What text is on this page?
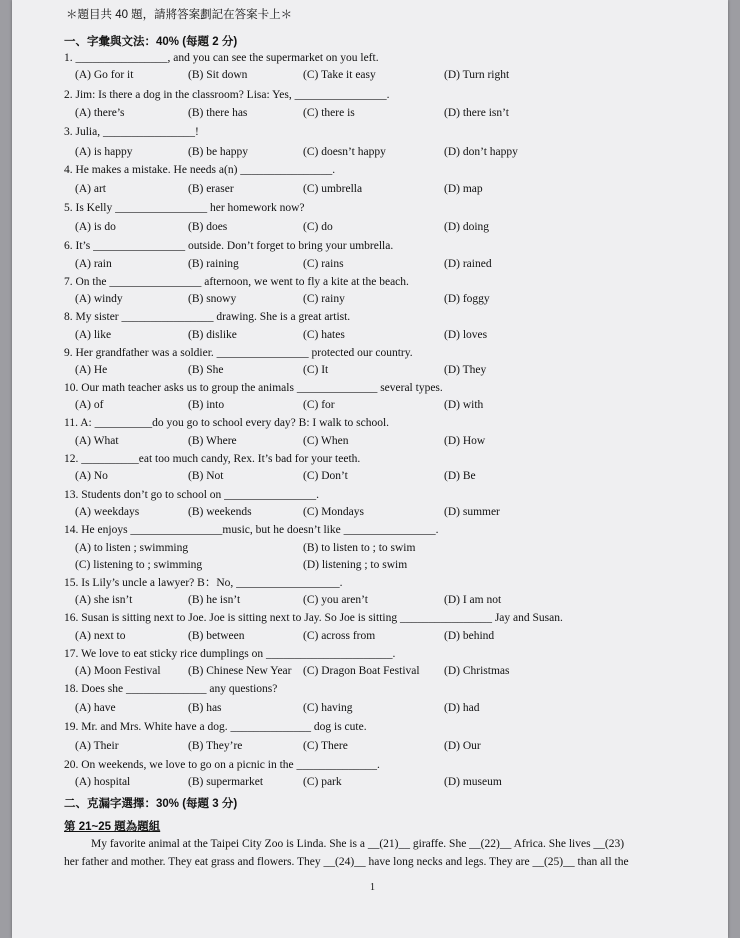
＊題目共 40 題，請將答案劃記在答案卡上＊
一、字彙與文法：40% (每題 2 分)
1. ________________, and you can see the supermarket on you left.
(A) Go for it	(B) Sit down	(C) Take it easy	(D) Turn right
2. Jim: Is there a dog in the classroom? Lisa: Yes, ________________.
(A) there’s	(B) there has	(C) there is	(D) there isn’t
3. Julia, ________________!
(A) is happy	(B) be happy	(C) doesn’t happy	(D) don’t happy
4. He makes a mistake. He needs a(n) ________________.
(A) art	(B) eraser	(C) umbrella	(D) map
5. Is Kelly ________________ her homework now?
(A) is do	(B) does	(C) do	(D) doing
6. It’s ________________ outside. Don’t forget to bring your umbrella.
(A) rain	(B) raining	(C) rains	(D) rained
7. On the ________________ afternoon, we went to fly a kite at the beach.
(A) windy	(B) snowy	(C) rainy	(D) foggy
8. My sister ________________ drawing. She is a great artist.
(A) like	(B) dislike	(C) hates	(D) loves
9. Her grandfather was a soldier. ________________ protected our country.
(A) He	(B) She	(C) It	(D) They
10. Our math teacher asks us to group the animals ______________ several types.
(A) of	(B) into	(C) for	(D) with
11. A: __________do you go to school every day? B: I walk to school.
(A) What	(B) Where	(C) When	(D) How
12. __________eat too much candy, Rex. It’s bad for your teeth.
(A) No	(B) Not	(C) Don’t	(D) Be
13. Students don’t go to school on ________________.
(A) weekdays	(B) weekends	(C) Mondays	(D) summer
14. He enjoys ________________music, but he doesn’t like ________________.
(A) to listen ; swimming	(B) to listen to ; to swim
(C) listening to ; swimming	(D) listening ; to swim
15. Is Lily’s uncle a lawyer? B：No, __________________.
(A) she isn’t	(B) he isn’t	(C) you aren’t	(D) I am not
16. Susan is sitting next to Joe. Joe is sitting next to Jay. So Joe is sitting ________________ Jay and Susan.
(A) next to	(B) between	(C) across from	(D) behind
17. We love to eat sticky rice dumplings on ______________________.
(A) Moon Festival (B) Chinese New Year (C) Dragon Boat Festival (D) Christmas
18. Does she ______________ any questions?
(A) have	(B) has	(C) having	(D) had
19. Mr. and Mrs. White have a dog. ______________ dog is cute.
(A) Their	(B) They’re	(C) There	(D) Our
20. On weekends, we love to go on a picnic in the ______________.
(A) hospital	(B) supermarket	(C) park	(D) museum
二、克漏字選擇：30% (每題 3 分)
第 21~25 題為題組
My favorite animal at the Taipei City Zoo is Linda. She is a __(21)__ giraffe. She __(22)__ Africa. She lives __(23)
her father and mother. They eat grass and flowers. They __(24)__ have long necks and legs. They are __(25)__ than all the
1
